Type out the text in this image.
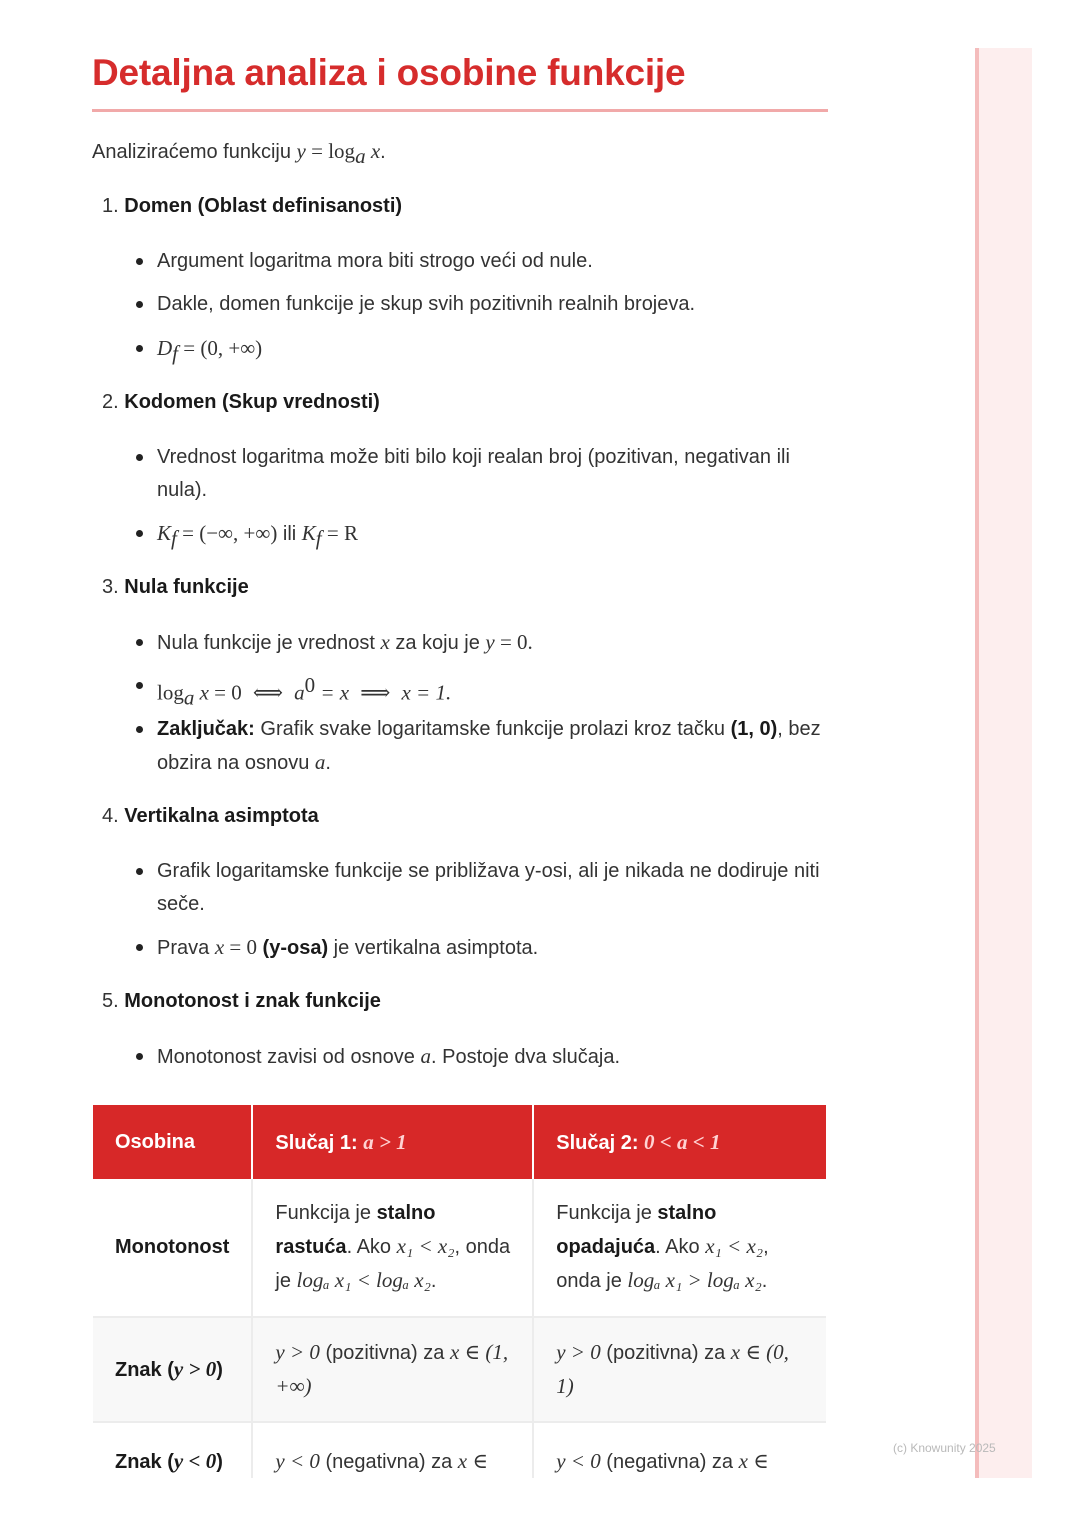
(c) Knowunity 2025
Detaljna analiza i osobine funkcije
Analiziraćemo funkciju $y = \log_a x$.
1. Domen (Oblast definisanosti)
Argument logaritma mora biti strogo veći od nule.
Dakle, domen funkcije je skup svih pozitivnih realnih brojeva.
$D_f = (0$, +∞)
2. Kodomen (Skup vrednosti)
Vrednost logaritma može biti bilo koji realan broj (pozitivan, negativan ili nula).
$K_f$ = (−∞, +∞) ili $K_f = R$
3. Nula funkcije
Nula funkcije je vrednost x za koju je y = 0.
$\log_a x = 0$ ⟺ $a^0 = x$ ⟹ x = 1.
Zaključak: Grafik svake logaritamske funkcije prolazi kroz tačku (1, 0), bez obzira na osnovu a.
4. Vertikalna asimptota
Grafik logaritamske funkcije se približava y-osi, ali je nikada ne dodiruje niti seče.
Prava x = 0 (y-osa) je vertikalna asimptota.
5. Monotonost i znak funkcije
Monotonost zavisi od osnove a. Postoje dva slučaja.
Osobina	Slučaj 1: a > 1	Slučaj 2: 0 < a < 1
Monotonost	Funkcija je stalno rastuća. Ako x₁ < x₂, onda je logₐ x₁ < logₐ x₂.	Funkcija je stalno opadajuća. Ako x₁ < x₂, onda je logₐ x₁ > logₐ x₂.
Znak (y > 0)	y > 0 (pozitivna) za x ∈ (1, +∞)	y > 0 (pozitivna) za x ∈ (0, 1)
Znak (y < 0)	y < 0 (negativna) za x ∈	y < 0 (negativna) za x ∈
